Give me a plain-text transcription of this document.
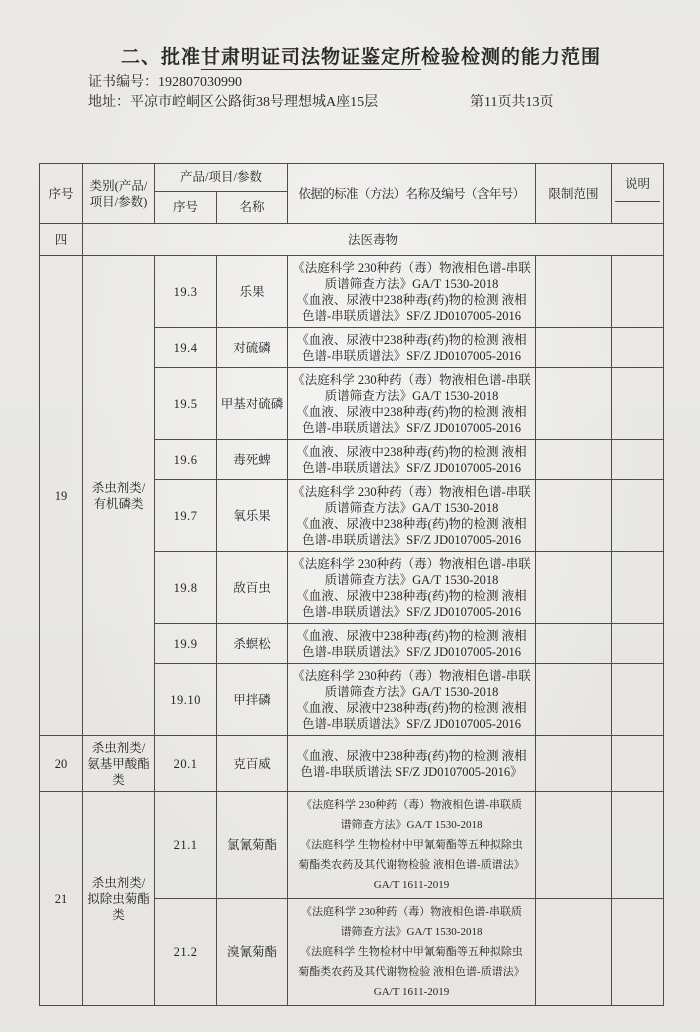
二、批准甘肃明证司法物证鉴定所检验检测的能力范围
证书编号：192807030990
地址：平凉市崆峒区公路街38号理想城A座15层	第11页共13页
序号	类别(产品/项目/参数)	产品/项目/参数		依据的标准（方法）名称及编号（含年号）	限制范围	说明

		序号	名称			
四	法医毒物					
19	杀虫剂类/有机磷类	19.3	乐果	《法庭科学 230种药（毒）物液相色谱-串联质谱筛查方法》GA/T 1530-2018
《血液、尿液中238种毒(药)物的检测 液相色谱-串联质谱法》SF/Z JD0107005-2016		

		19.4	对硫磷	《血液、尿液中238种毒(药)物的检测 液相色谱-串联质谱法》SF/Z JD0107005-2016		

		19.5	甲基对硫磷	《法庭科学 230种药（毒）物液相色谱-串联质谱筛查方法》GA/T 1530-2018
《血液、尿液中238种毒(药)物的检测 液相色谱-串联质谱法》SF/Z JD0107005-2016		

		19.6	毒死蜱	《血液、尿液中238种毒(药)物的检测 液相色谱-串联质谱法》SF/Z JD0107005-2016		

		19.7	氧乐果	《法庭科学 230种药（毒）物液相色谱-串联质谱筛查方法》GA/T 1530-2018
《血液、尿液中238种毒(药)物的检测 液相色谱-串联质谱法》SF/Z JD0107005-2016		

		19.8	敌百虫	《法庭科学 230种药（毒）物液相色谱-串联质谱筛查方法》GA/T 1530-2018
《血液、尿液中238种毒(药)物的检测 液相色谱-串联质谱法》SF/Z JD0107005-2016		

		19.9	杀螟松	《血液、尿液中238种毒(药)物的检测 液相色谱-串联质谱法》SF/Z JD0107005-2016		

		19.10	甲拌磷	《法庭科学 230种药（毒）物液相色谱-串联质谱筛查方法》GA/T 1530-2018
《血液、尿液中238种毒(药)物的检测 液相色谱-串联质谱法》SF/Z JD0107005-2016		

20	杀虫剂类/氨基甲酸酯类	20.1	克百威	《血液、尿液中238种毒(药)物的检测 液相色谱-串联质谱法 SF/Z JD0107005-2016》		

21	杀虫剂类/拟除虫菊酯类	21.1	氯氰菊酯	《法庭科学 230种药（毒）物液相色谱-串联质谱筛查方法》GA/T 1530-2018
《法庭科学 生物检材中甲氰菊酯等五种拟除虫菊酯类农药及其代谢物检验 液相色谱-质谱法》GA/T 1611-2019		

		21.2	溴氰菊酯	《法庭科学 230种药（毒）物液相色谱-串联质谱筛查方法》GA/T 1530-2018
《法庭科学 生物检材中甲氰菊酯等五种拟除虫菊酯类农药及其代谢物检验 液相色谱-质谱法》GA/T 1611-2019		
